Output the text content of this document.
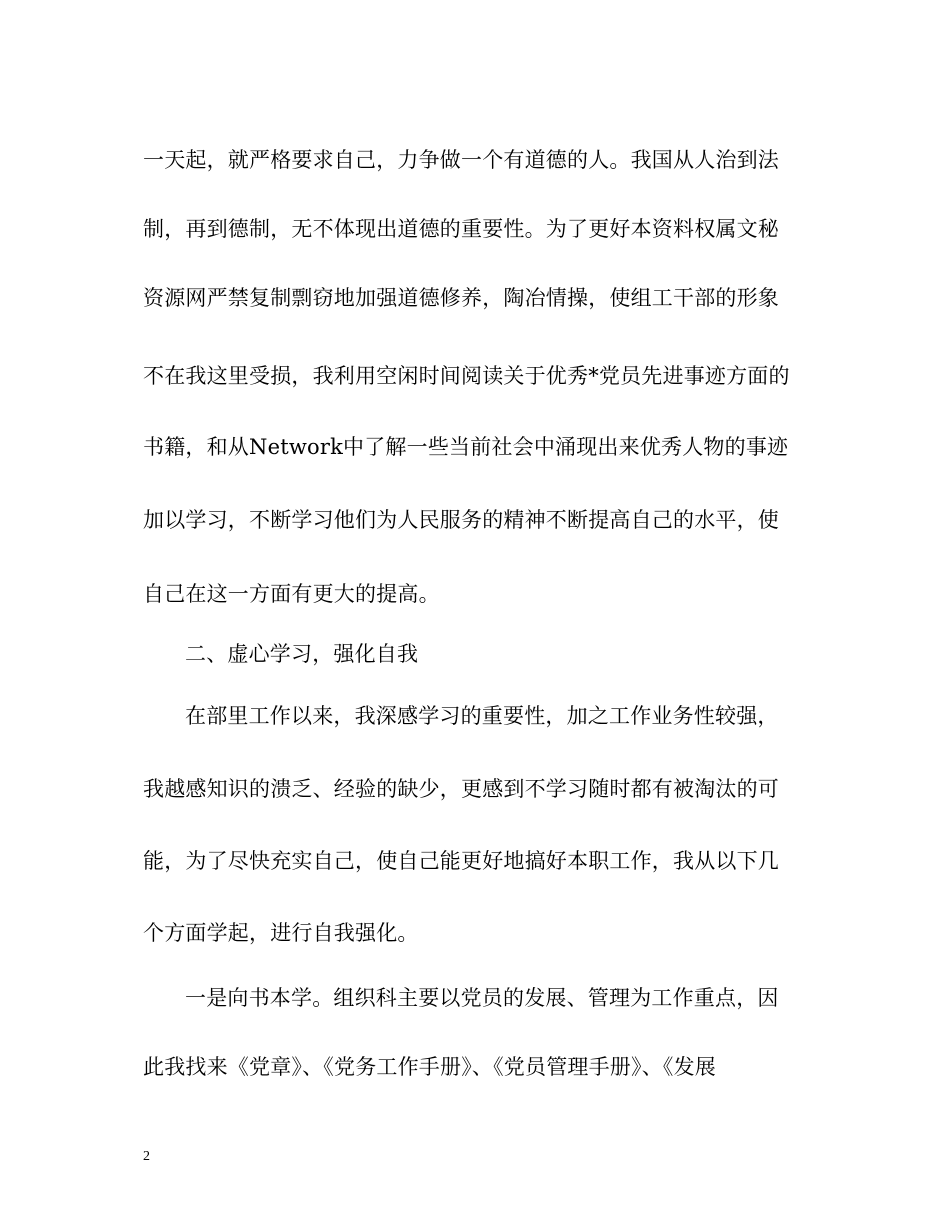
一天起，就严格要求自己，力争做一个有道德的人。我国从人治到法
制，再到德制，无不体现出道德的重要性。为了更好本资料权属文秘
资源网严禁复制剽窃地加强道德修养，陶冶情操，使组工干部的形象
不在我这里受损，我利用空闲时间阅读关于优秀*党员先进事迹方面的
书籍，和从Network中了解一些当前社会中涌现出来优秀人物的事迹
加以学习，不断学习他们为人民服务的精神不断提高自己的水平，使
自己在这一方面有更大的提高。
二、虚心学习，强化自我
在部里工作以来，我深感学习的重要性，加之工作业务性较强，
我越感知识的溃乏、经验的缺少，更感到不学习随时都有被淘汰的可
能，为了尽快充实自己，使自己能更好地搞好本职工作，我从以下几
个方面学起，进行自我强化。
一是向书本学。组织科主要以党员的发展、管理为工作重点，因
此我找来《党章》、《党务工作手册》、《党员管理手册》、《发展
2
